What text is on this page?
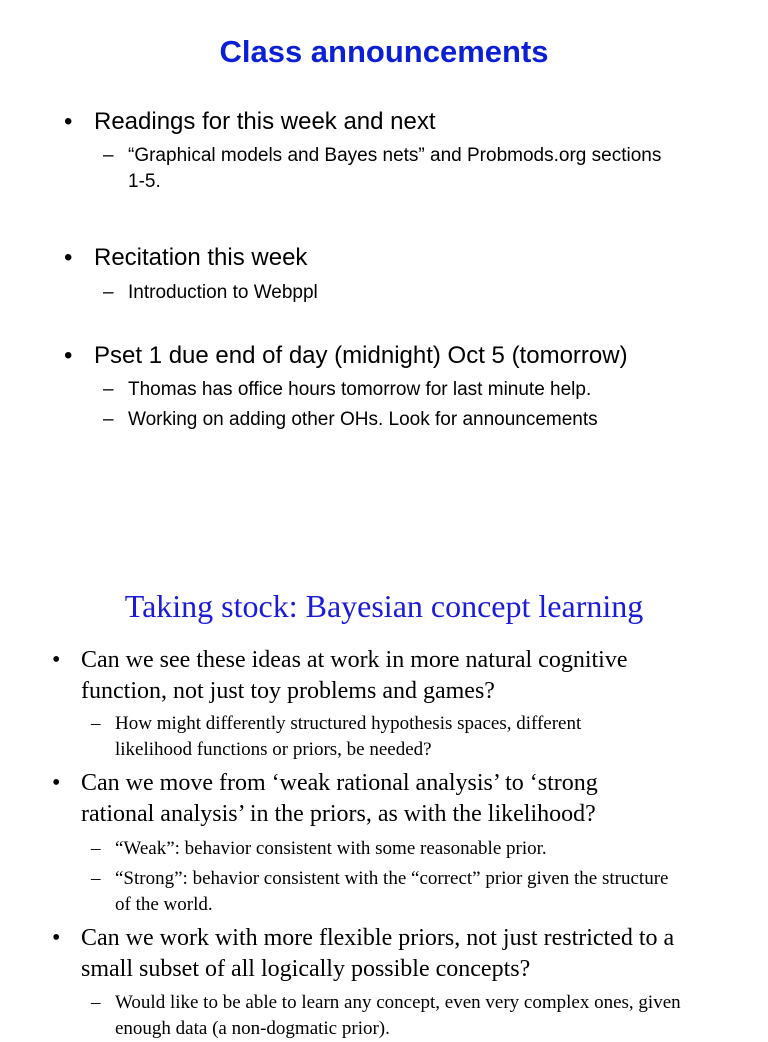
Class announcements
• Readings for this week and next
– “Graphical models and Bayes nets” and Probmods.org sections 1-5.
• Recitation this week
– Introduction to Webppl
• Pset 1 due end of day (midnight) Oct 5 (tomorrow)
– Thomas has office hours tomorrow for last minute help.
– Working on adding other OHs. Look for announcements
Taking stock: Bayesian concept learning
• Can we see these ideas at work in more natural cognitive function, not just toy problems and games?
– How might differently structured hypothesis spaces, different likelihood functions or priors, be needed?
• Can we move from ‘weak rational analysis’ to ‘strong rational analysis’ in the priors, as with the likelihood?
– “Weak”: behavior consistent with some reasonable prior.
– “Strong”: behavior consistent with the “correct” prior given the structure of the world.
• Can we work with more flexible priors, not just restricted to a small subset of all logically possible concepts?
– Would like to be able to learn any concept, even very complex ones, given enough data (a non-dogmatic prior).
